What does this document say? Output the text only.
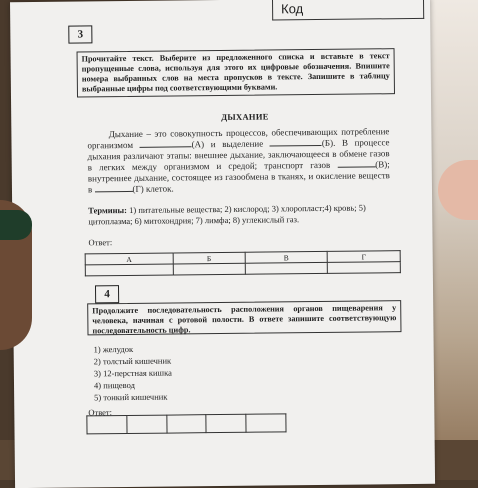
Код
3
Прочитайте текст. Выберите из предложенного списка и вставьте в текст пропущенные слова, используя для этого их цифровые обозначения. Впишите номера выбранных слов на места пропусков в тексте. Запишите в таблицу выбранные цифры под соответствующими буквами.
ДЫХАНИЕ
Дыхание – это совокупность процессов, обеспечивающих потребление организмом	(А) и выделение	(Б). В процессе дыхания различают этапы: внешнее дыхание, заключающееся в обмене газов в легких между организмом и средой; транспорт газов	(В); внутреннее дыхание, состоящее из газообмена в тканях, и окисление веществ в	(Г) клеток.
Термины: 1) питательные вещества; 2) кислород; 3) хлоропласт;4) кровь; 5) цитоплазма; 6) митохондрия; 7) лимфа; 8) углекислый газ.
Ответ:
А	Б	В	Г

4
Продолжите последовательность расположения органов пищеварения у человека, начиная с ротовой полости. В ответе запишите соответствующую последовательность цифр.
1) желудок
2) толстый кишечник
3) 12-перстная кишка
4) пищевод
5) тонкий кишечник
Ответ:
